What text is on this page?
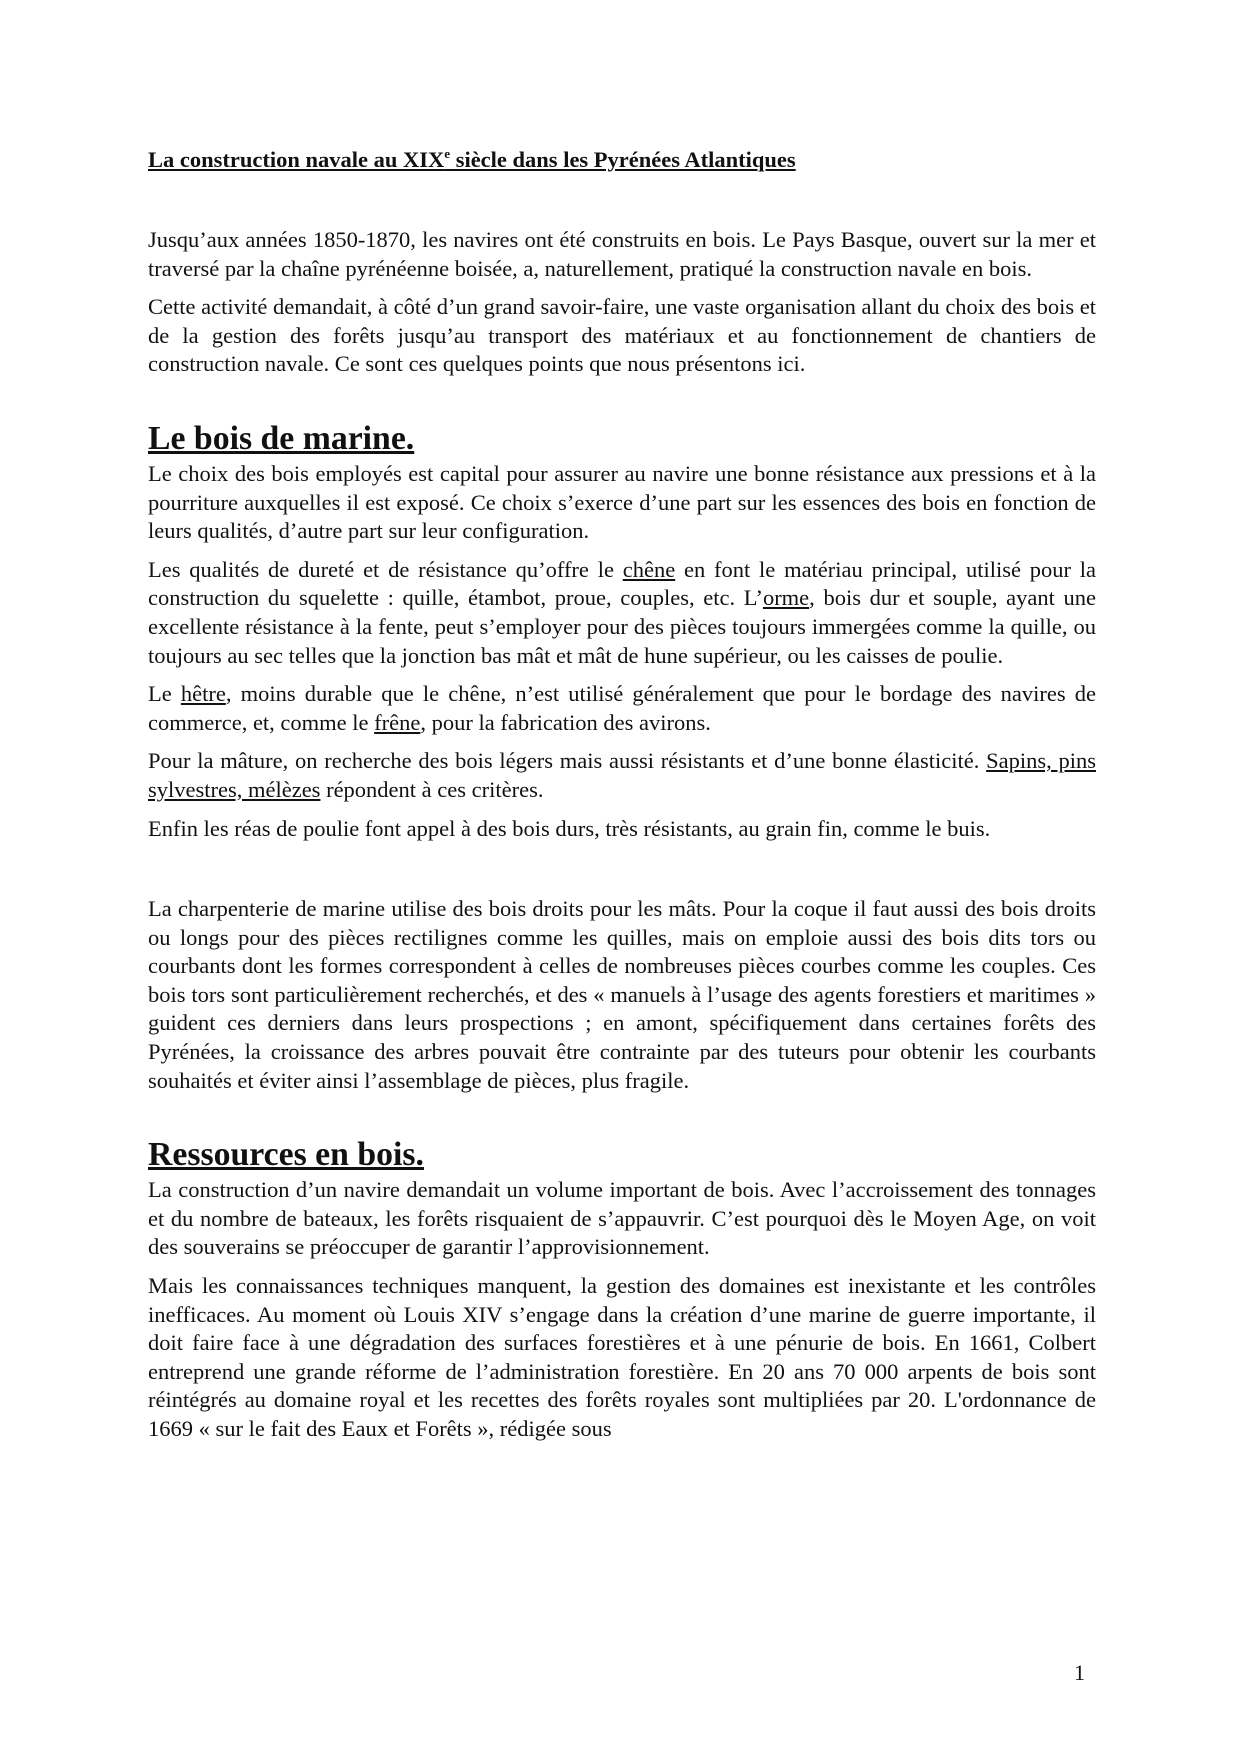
La construction navale au XIXe siècle dans les Pyrénées Atlantiques

Jusqu’aux années 1850-1870, les navires ont été construits en bois. Le Pays Basque, ouvert sur la mer et traversé par la chaîne pyrénéenne boisée, a, naturellement, pratiqué la construction navale en bois.

Cette activité demandait, à côté d’un grand savoir-faire, une vaste organisation allant du choix des bois et de la gestion des forêts jusqu’au transport des matériaux et au fonctionnement de chantiers de construction navale. Ce sont ces quelques points que nous présentons ici.

Le bois de marine.

Le choix des bois employés est capital pour assurer au navire une bonne résistance aux pressions et à la pourriture auxquelles il est exposé. Ce choix s’exerce d’une part sur les essences des bois en fonction de leurs qualités, d’autre part sur leur configuration.

Les qualités de dureté et de résistance qu’offre le chêne en font le matériau principal, utilisé pour la construction du squelette : quille, étambot, proue, couples, etc. L’orme, bois dur et souple, ayant une excellente résistance à la fente, peut s’employer pour des pièces toujours immergées comme la quille, ou toujours au sec telles que la jonction bas mât et mât de hune supérieur, ou les caisses de poulie.

Le hêtre, moins durable que le chêne, n’est utilisé généralement que pour le bordage des navires de commerce, et, comme le frêne, pour la fabrication des avirons.

Pour la mâture, on recherche des bois légers mais aussi résistants et d’une bonne élasticité. Sapins, pins sylvestres, mélèzes répondent à ces critères.

Enfin les réas de poulie font appel à des bois durs, très résistants, au grain fin, comme le buis.

La charpenterie de marine utilise des bois droits pour les mâts. Pour la coque il faut aussi des bois droits ou longs pour des pièces rectilignes comme les quilles, mais on emploie aussi des bois dits tors ou courbants dont les formes correspondent à celles de nombreuses pièces courbes comme les couples. Ces bois tors sont particulièrement recherchés, et des « manuels à l’usage des agents forestiers et maritimes » guident ces derniers dans leurs prospections ; en amont, spécifiquement dans certaines forêts des Pyrénées, la croissance des arbres pouvait être contrainte par des tuteurs pour obtenir les courbants souhaités et éviter ainsi l’assemblage de pièces, plus fragile.

Ressources en bois.

La construction d’un navire demandait un volume important de bois. Avec l’accroissement des tonnages et du nombre de bateaux, les forêts risquaient de s’appauvrir. C’est pourquoi dès le Moyen Age, on voit des souverains se préoccuper de garantir l’approvisionnement.

Mais les connaissances techniques manquent, la gestion des domaines est inexistante et les contrôles inefficaces. Au moment où Louis XIV s’engage dans la création d’une marine de guerre importante, il doit faire face à une dégradation des surfaces forestières et à une pénurie de bois. En 1661, Colbert entreprend une grande réforme de l’administration forestière. En 20 ans 70 000 arpents de bois sont réintégrés au domaine royal et les recettes des forêts royales sont multipliées par 20. L'ordonnance de 1669 « sur le fait des Eaux et Forêts », rédigée sous

1
